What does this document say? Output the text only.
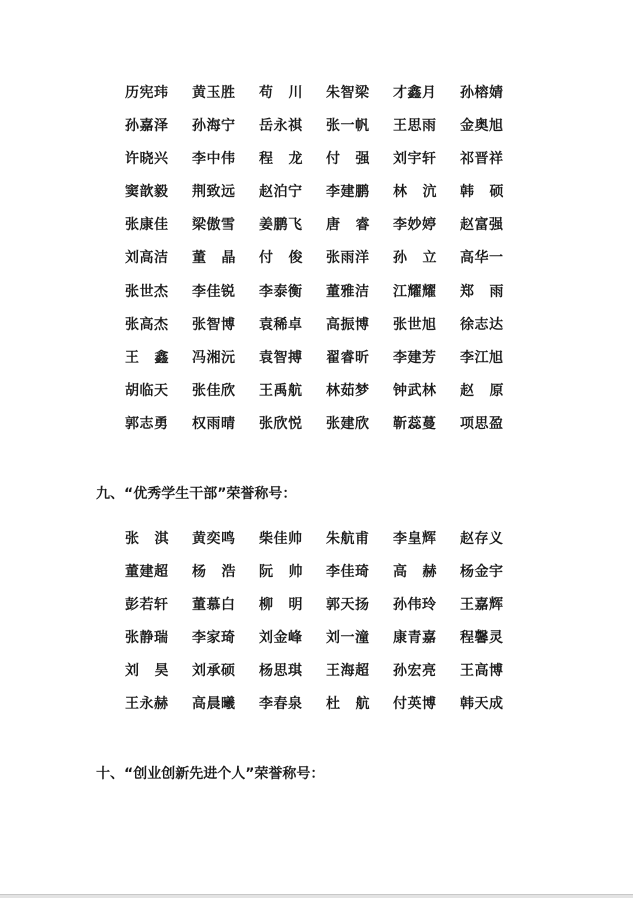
历宪玮 黄玉胜 苟 川 朱智梁 才鑫月 孙榕婧
孙嘉泽 孙海宁 岳永祺 张一帆 王思雨 金奥旭
许晓兴 李中伟 程 龙 付 强 刘宇轩 祁晋祥
窦歆毅 荆致远 赵泊宁 李建鹏 林 沆 韩 硕
张康佳 梁傲雪 姜鹏飞 唐 睿 李妙婷 赵富强
刘高洁 董 晶 付 俊 张雨洋 孙 立 高华一
张世杰 李佳锐 李泰衡 董雅洁 江耀耀 郑 雨
张高杰 张智博 袁稀卓 高振博 张世旭 徐志达
王 鑫 冯湘沅 袁智搏 翟睿昕 李建芳 李江旭
胡临天 张佳欣 王禹航 林茹梦 钟武林 赵 原
郭志勇 权雨晴 张欣悦 张建欣 靳蕊蔓 项思盈
九、“优秀学生干部”荣誉称号：
张 淇 黄奕鸣 柴佳帅 朱航甫 李皇辉 赵存义
董建超 杨 浩 阮 帅 李佳琦 高 赫 杨金宇
彭若轩 董慕白 柳 明 郭天扬 孙伟玲 王嘉辉
张静瑞 李家琦 刘金峰 刘一潼 康青嘉 程馨灵
刘 昊 刘承硕 杨思琪 王海超 孙宏亮 王高博
王永赫 高晨曦 李春泉 杜 航 付英博 韩天成
十、“创业创新先进个人”荣誉称号：
